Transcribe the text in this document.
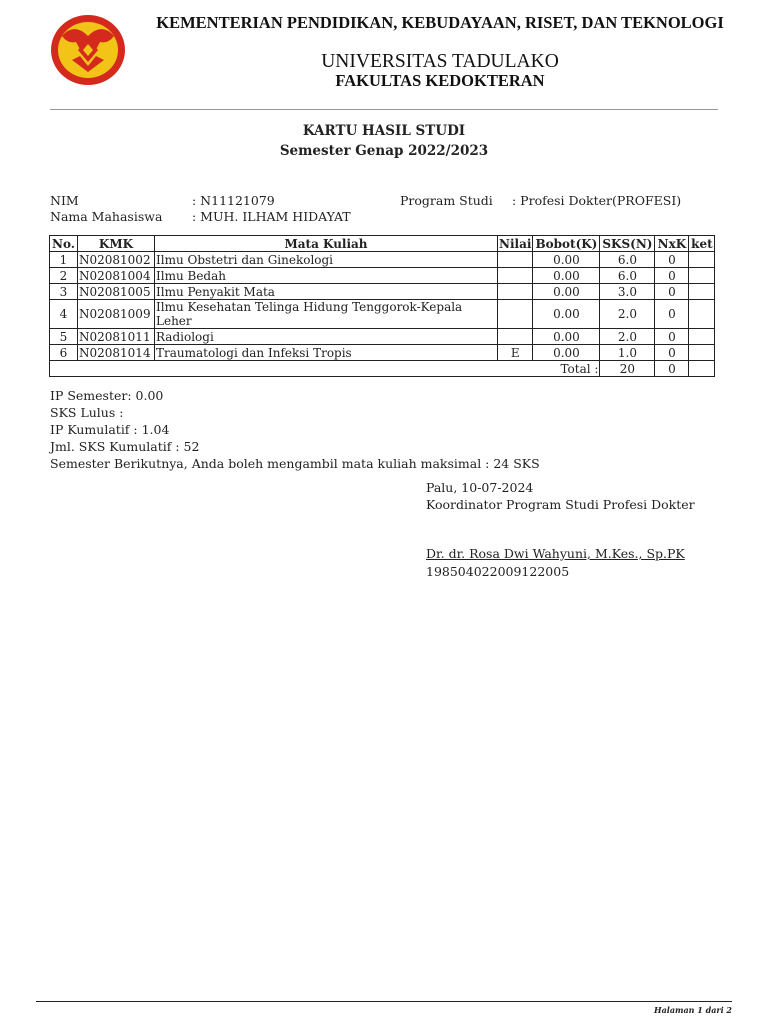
KEMENTERIAN PENDIDIKAN, KEBUDAYAAN, RISET, DAN TEKNOLOGI
UNIVERSITAS TADULAKO
FAKULTAS KEDOKTERAN
KARTU HASIL STUDI
Semester Genap 2022/2023
NIM	: N11121079	Program Studi : Profesi Dokter(PROFESI)
Nama Mahasiswa : MUH. ILHAM HIDAYAT
No.	KMK	Mata Kuliah	Nilai	Bobot(K)	SKS(N)	NxK	ket
1	N02081002	Ilmu Obstetri dan Ginekologi		0.00	6.0	0	
2	N02081004	Ilmu Bedah		0.00	6.0	0	
3	N02081005	Ilmu Penyakit Mata		0.00	3.0	0	
4	N02081009	Ilmu Kesehatan Telinga Hidung Tenggorok-Kepala Leher		0.00	2.0	0	
5	N02081011	Radiologi		0.00	2.0	0	
6	N02081014	Traumatologi dan Infeksi Tropis	E	0.00	1.0	0	
Total :					20	0	
IP Semester: 0.00
SKS Lulus :
IP Kumulatif : 1.04
Jml. SKS Kumulatif : 52
Semester Berikutnya, Anda boleh mengambil mata kuliah maksimal : 24 SKS
Palu, 10-07-2024
Koordinator Program Studi Profesi Dokter
Dr. dr. Rosa Dwi Wahyuni, M.Kes., Sp.PK
198504022009122005
Halaman 1 dari 2
